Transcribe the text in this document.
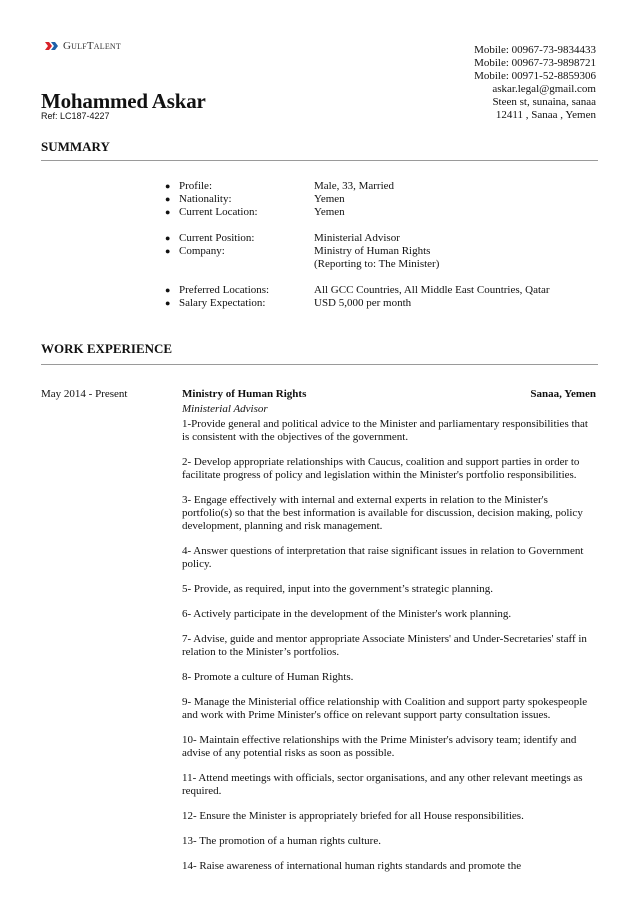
GulfTalent	Mobile: 00967-73-9834433
Mobile: 00967-73-9898721
Mobile: 00971-52-8859306
askar.legal@gmail.com
Steen st, sunaina, sanaa
12411 , Sanaa , Yemen
Mohammed Askar
Ref: LC187-4227
SUMMARY
● Profile:	Male, 33, Married
● Nationality:	Yemen
● Current Location:	Yemen
● Current Position:	Ministerial Advisor
● Company:	Ministry of Human Rights
(Reporting to: The Minister)
● Preferred Locations:	All GCC Countries, All Middle East Countries, Qatar
● Salary Expectation:	USD 5,000 per month
WORK EXPERIENCE
May 2014 - Present	Ministry of Human Rights	Sanaa, Yemen
Ministerial Advisor

1-Provide general and political advice to the Minister and parliamentary responsibilities that is consistent with the objectives of the government.

2- Develop appropriate relationships with Caucus, coalition and support parties in order to facilitate progress of policy and legislation within the Minister's portfolio responsibilities.

3- Engage effectively with internal and external experts in relation to the Minister's portfolio(s) so that the best information is available for discussion, decision making, policy development, planning and risk management.

4- Answer questions of interpretation that raise significant issues in relation to Government policy.

5- Provide, as required, input into the government’s strategic planning.

6- Actively participate in the development of the Minister's work planning.

7- Advise, guide and mentor appropriate Associate Ministers' and Under-Secretaries' staff in relation to the Minister’s portfolios.

8- Promote a culture of Human Rights.

9- Manage the Ministerial office relationship with Coalition and support party spokespeople and work with Prime Minister's office on relevant support party consultation issues.

10- Maintain effective relationships with the Prime Minister's advisory team; identify and advise of any potential risks as soon as possible.

11- Attend meetings with officials, sector organisations, and any other relevant meetings as required.

12- Ensure the Minister is appropriately briefed for all House responsibilities.

13- The promotion of a human rights culture.

14- Raise awareness of international human rights standards and promote the
